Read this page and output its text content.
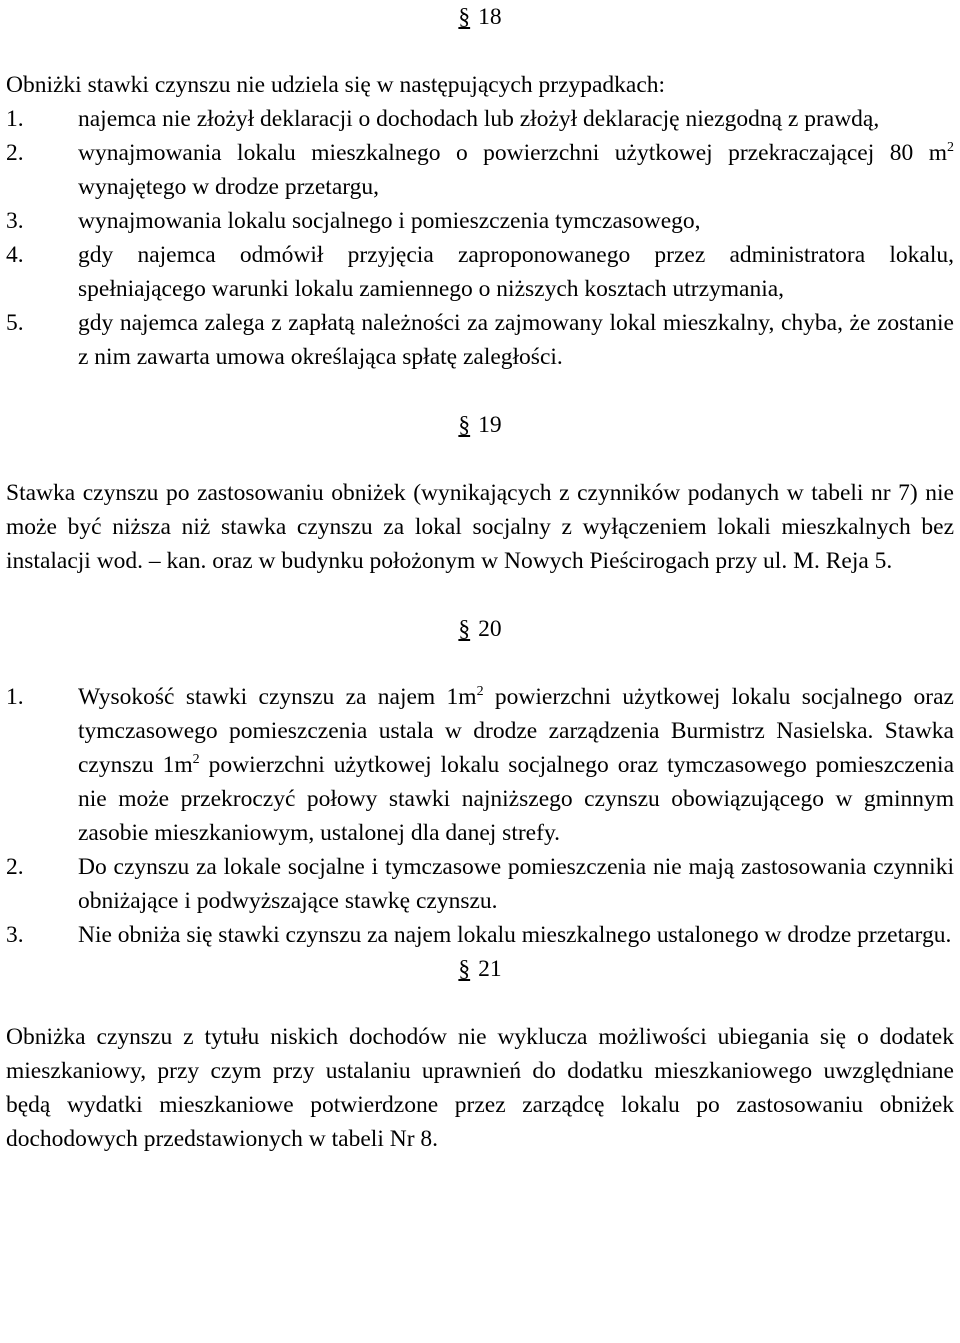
§ 18

Obniżki stawki czynszu nie udziela się w następujących przypadkach:

1.	najemca nie złożył deklaracji o dochodach lub złożył deklarację niezgodną z prawdą,
2.	wynajmowania lokalu mieszkalnego o powierzchni użytkowej przekraczającej 80 $m^2$ wynajętego w drodze przetargu,
3.	wynajmowania lokalu socjalnego i pomieszczenia tymczasowego,
4.	gdy najemca odmówił przyjęcia zaproponowanego przez administratora lokalu, spełniającego warunki lokalu zamiennego o niższych kosztach utrzymania,
5.	gdy najemca zalega z zapłatą należności za zajmowany lokal mieszkalny, chyba, że zostanie z nim zawarta umowa określająca spłatę zaległości.
§ 19

Stawka czynszu po zastosowaniu obniżek (wynikających z czynników podanych w tabeli nr 7) nie może być niższa niż stawka czynszu za lokal socjalny z wyłączeniem lokali mieszkalnych bez instalacji wod. – kan. oraz w budynku położonym w Nowych Pieścirogach przy ul. M. Reja 5.

§ 20
1.	Wysokość stawki czynszu za najem $1m^2$ powierzchni użytkowej lokalu socjalnego oraz tymczasowego pomieszczenia ustala w drodze zarządzenia Burmistrz Nasielska. Stawka czynszu $1m^2$ powierzchni użytkowej lokalu socjalnego oraz tymczasowego pomieszczenia nie może przekroczyć połowy stawki najniższego czynszu obowiązującego w gminnym zasobie mieszkaniowym, ustalonej dla danej strefy.
2.	Do czynszu za lokale socjalne i tymczasowe pomieszczenia nie mają zastosowania czynniki obniżające i podwyższające stawkę czynszu.
3.	Nie obniża się stawki czynszu za najem lokalu mieszkalnego ustalonego w drodze przetargu.
§ 21

Obniżka czynszu z tytułu niskich dochodów nie wyklucza możliwości ubiegania się o dodatek mieszkaniowy, przy czym przy ustalaniu uprawnień do dodatku mieszkaniowego uwzględniane będą wydatki mieszkaniowe potwierdzone przez zarządcę lokalu po zastosowaniu obniżek dochodowych przedstawionych w tabeli Nr 8.
